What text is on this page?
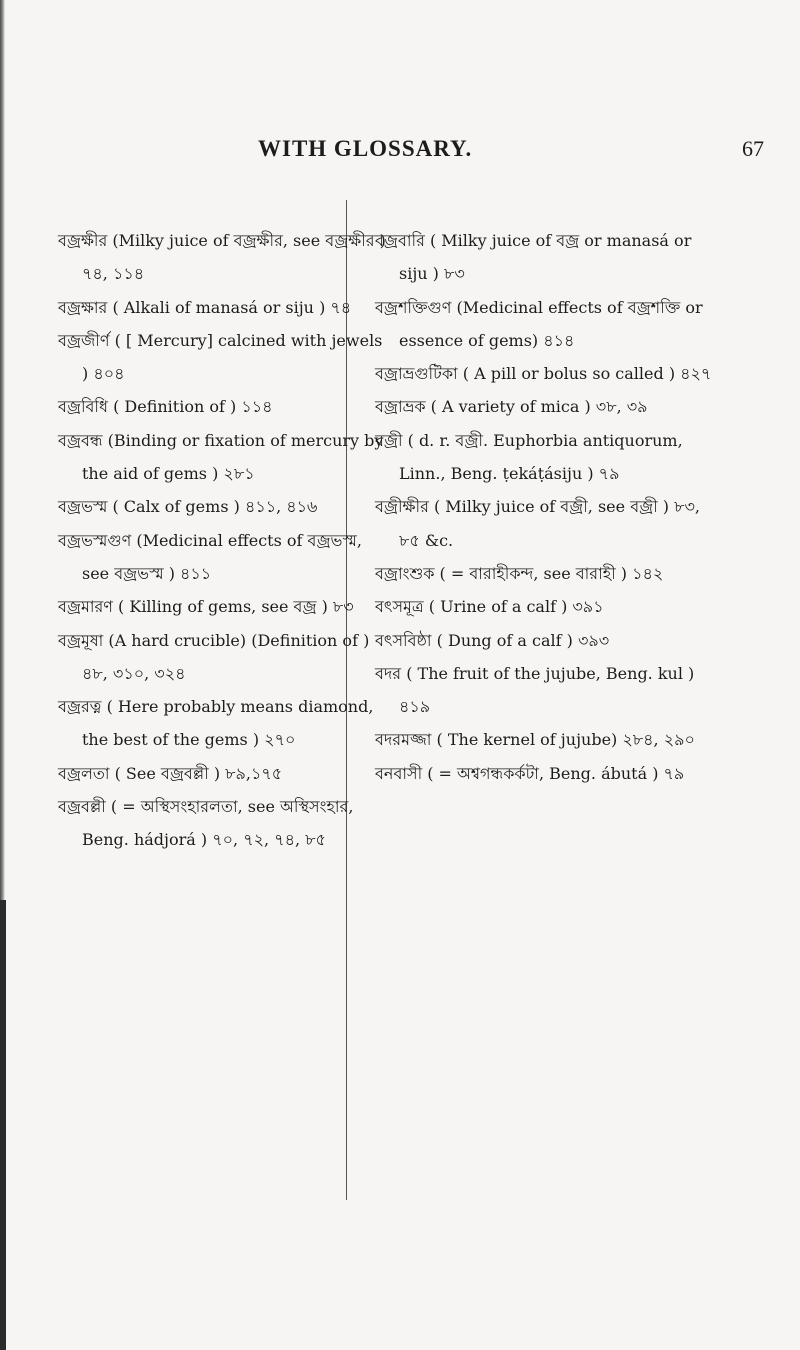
WITH GLOSSARY.	67

বজ্রক্ষীর (Milky juice of বজ্রক্ষীর, see বজ্রক্ষীর ) ৭৪, ১১৪

বজ্রক্ষার ( Alkali of manasá or siju ) ৭৪

বজ্রজীর্ণ ( [ Mercury] calcined with jewels ) ৪০৪

বজ্রবিধি ( Definition of ) ১১৪

বজ্রবন্ধ (Binding or fixation of mercury by the aid of gems ) ২৮১

বজ্রভস্ম ( Calx of gems ) ৪১১, ৪১৬

বজ্রভস্মগুণ (Medicinal effects of বজ্রভস্ম, see বজ্রভস্ম ) ৪১১

বজ্রমারণ ( Killing of gems, see বজ্র ) ৮৩

বজ্রমূষা (A hard crucible) (Definition of ) ৪৮, ৩১০, ৩২৪

বজ্ররত্ন ( Here probably means diamond, the best of the gems ) ২৭০

বজ্রলতা ( See বজ্রবল্লী ) ৮৯,১৭৫

বজ্রবল্লী ( = অস্থিসংহারলতা, see অস্থিসংহার, Beng. hádjorá ) ৭০, ৭২, ৭৪, ৮৫

বজ্রবারি ( Milky juice of বজ্র or manasá or siju ) ৮৩

বজ্রশক্তিগুণ (Medicinal effects of বজ্রশক্তি or essence of gems) ৪১৪

বজ্রাভ্রগুটিকা ( A pill or bolus so called ) ৪২৭

বজ্রাভ্রক ( A variety of mica ) ৩৮, ৩৯

বজ্রী ( d. r. বজ্রী. Euphorbia antiquorum, Linn., Beng. ṭekáṭásiju ) ৭৯

বজ্রীক্ষীর ( Milky juice of বজ্রী, see বজ্রী ) ৮৩, ৮৫ &c.

বজ্রাংশুক ( = বারাহীকন্দ, see বারাহী ) ১৪২

বৎসমূত্র ( Urine of a calf ) ৩৯১

বৎসবিষ্ঠা ( Dung of a calf ) ৩৯৩

বদর ( The fruit of the jujube, Beng. kul ) ৪১৯

বদরমজ্জা ( The kernel of jujube) ২৮৪, ২৯০

বনবাসী ( = অশ্বগন্ধকর্কটা, Beng. ábutá ) ৭৯
